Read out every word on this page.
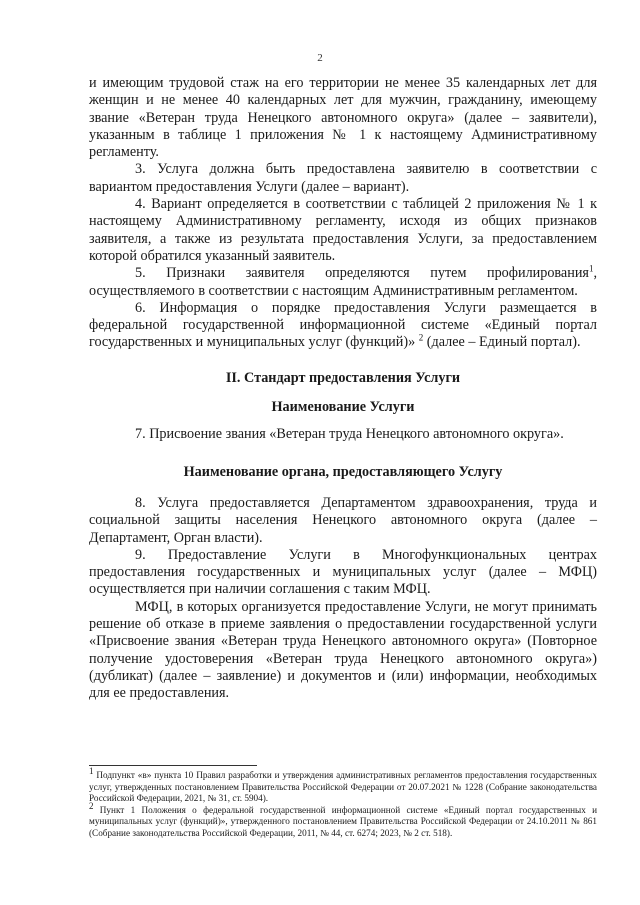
2

и имеющим трудовой стаж на его территории не менее 35 календарных лет для женщин и не менее 40 календарных лет для мужчин, гражданину, имеющему звание «Ветеран труда Ненецкого автономного округа» (далее – заявители), указанным в таблице 1 приложения № 1 к настоящему Административному регламенту.

3. Услуга должна быть предоставлена заявителю в соответствии с вариантом предоставления Услуги (далее – вариант).

4. Вариант определяется в соответствии с таблицей 2 приложения № 1 к настоящему Административному регламенту, исходя из общих признаков заявителя, а также из результата предоставления Услуги, за предоставлением которой обратился указанный заявитель.

5. Признаки заявителя определяются путем профилирования$^1$, осуществляемого в соответствии с настоящим Административным регламентом.

6. Информация о порядке предоставления Услуги размещается в федеральной государственной информационной системе «Единый портал государственных и муниципальных услуг (функций)» $^2$ (далее – Единый портал).

II. Стандарт предоставления Услуги

Наименование Услуги

7. Присвоение звания «Ветеран труда Ненецкого автономного округа».

Наименование органа, предоставляющего Услугу

8. Услуга предоставляется Департаментом здравоохранения, труда и социальной защиты населения Ненецкого автономного округа (далее – Департамент, Орган власти).

9. Предоставление Услуги в Многофункциональных центрах предоставления государственных и муниципальных услуг (далее – МФЦ) осуществляется при наличии соглашения с таким МФЦ.

МФЦ, в которых организуется предоставление Услуги, не могут принимать решение об отказе в приеме заявления о предоставлении государственной услуги «Присвоение звания «Ветеран труда Ненецкого автономного округа» (Повторное получение удостоверения «Ветеран труда Ненецкого автономного округа») (дубликат) (далее – заявление) и документов и (или) информации, необходимых для ее предоставления.

$^1$ Подпункт «в» пункта 10 Правил разработки и утверждения административных регламентов предоставления государственных услуг, утвержденных постановлением Правительства Российской Федерации от 20.07.2021 № 1228 (Собрание законодательства Российской Федерации, 2021, № 31, ст. 5904).

$^2$ Пункт 1 Положения о федеральной государственной информационной системе «Единый портал государственных и муниципальных услуг (функций)», утвержденного постановлением Правительства Российской Федерации от 24.10.2011 № 861 (Собрание законодательства Российской Федерации, 2011, № 44, ст. 6274; 2023, № 2 ст. 518).
